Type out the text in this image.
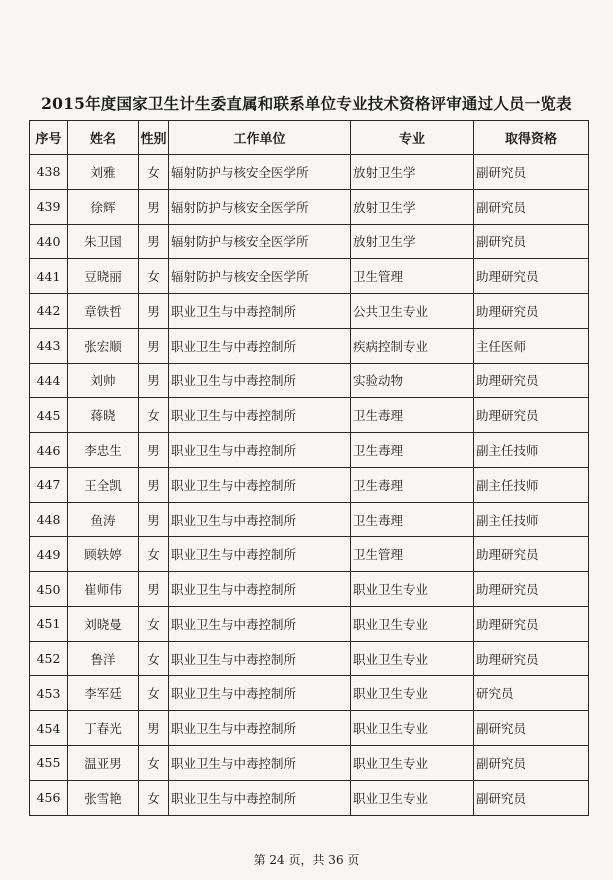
2015年度国家卫生计生委直属和联系单位专业技术资格评审通过人员一览表
序号	姓名	性别	工作单位	专业	取得资格
438	刘雅	女	辐射防护与核安全医学所	放射卫生学	副研究员
439	徐辉	男	辐射防护与核安全医学所	放射卫生学	副研究员
440	朱卫国	男	辐射防护与核安全医学所	放射卫生学	副研究员
441	豆晓丽	女	辐射防护与核安全医学所	卫生管理	助理研究员
442	章铁哲	男	职业卫生与中毒控制所	公共卫生专业	助理研究员
443	张宏顺	男	职业卫生与中毒控制所	疾病控制专业	主任医师
444	刘帅	男	职业卫生与中毒控制所	实验动物	助理研究员
445	蒋晓	女	职业卫生与中毒控制所	卫生毒理	助理研究员
446	李忠生	男	职业卫生与中毒控制所	卫生毒理	副主任技师
447	王全凯	男	职业卫生与中毒控制所	卫生毒理	副主任技师
448	鱼涛	男	职业卫生与中毒控制所	卫生毒理	副主任技师
449	顾轶婷	女	职业卫生与中毒控制所	卫生管理	助理研究员
450	崔师伟	男	职业卫生与中毒控制所	职业卫生专业	助理研究员
451	刘晓曼	女	职业卫生与中毒控制所	职业卫生专业	助理研究员
452	鲁洋	女	职业卫生与中毒控制所	职业卫生专业	助理研究员
453	李军廷	女	职业卫生与中毒控制所	职业卫生专业	研究员
454	丁春光	男	职业卫生与中毒控制所	职业卫生专业	副研究员
455	温亚男	女	职业卫生与中毒控制所	职业卫生专业	副研究员
456	张雪艳	女	职业卫生与中毒控制所	职业卫生专业	副研究员
第 24 页，共 36 页
